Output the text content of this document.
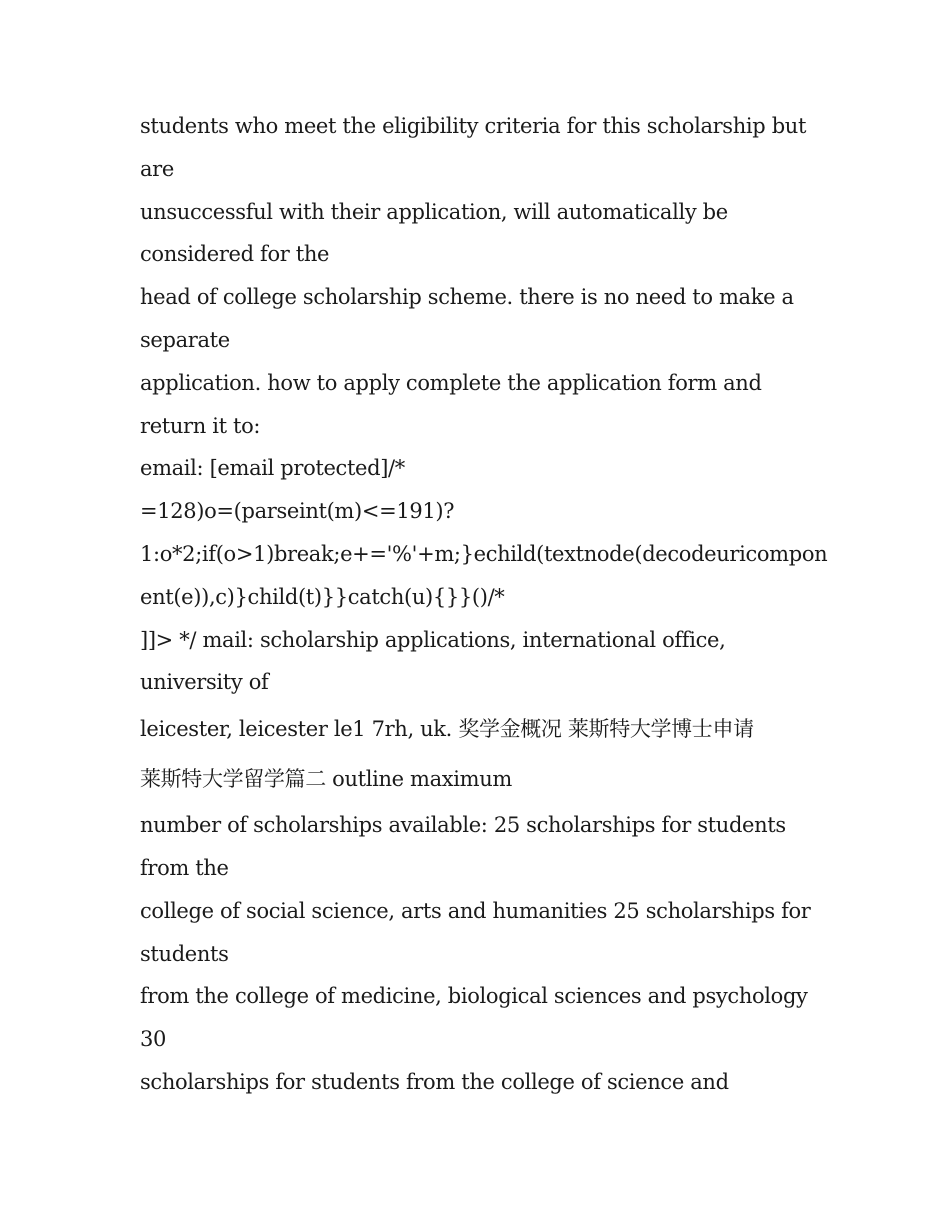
students who meet the eligibility criteria for this scholarship but
are
unsuccessful with their application, will automatically be
considered for the
head of college scholarship scheme. there is no need to make a
separate
application. how to apply complete the application form and
return it to:
email: [email protected]/*
=128)o=(parseint(m)<=191)?
1:o*2;if(o>1)break;e+='%'+m;}echild(textnode(decodeuricompon
ent(e)),c)}child(t)}}catch(u){}}()/*
]]> */ mail: scholarship applications, international office,
university of
leicester, leicester le1 7rh, uk. 奖学金概况 莱斯特大学博士申请
莱斯特大学留学篇二 outline maximum
number of scholarships available: 25 scholarships for students
from the
college of social science, arts and humanities 25 scholarships for
students
from the college of medicine, biological sciences and psychology
30
scholarships for students from the college of science and
